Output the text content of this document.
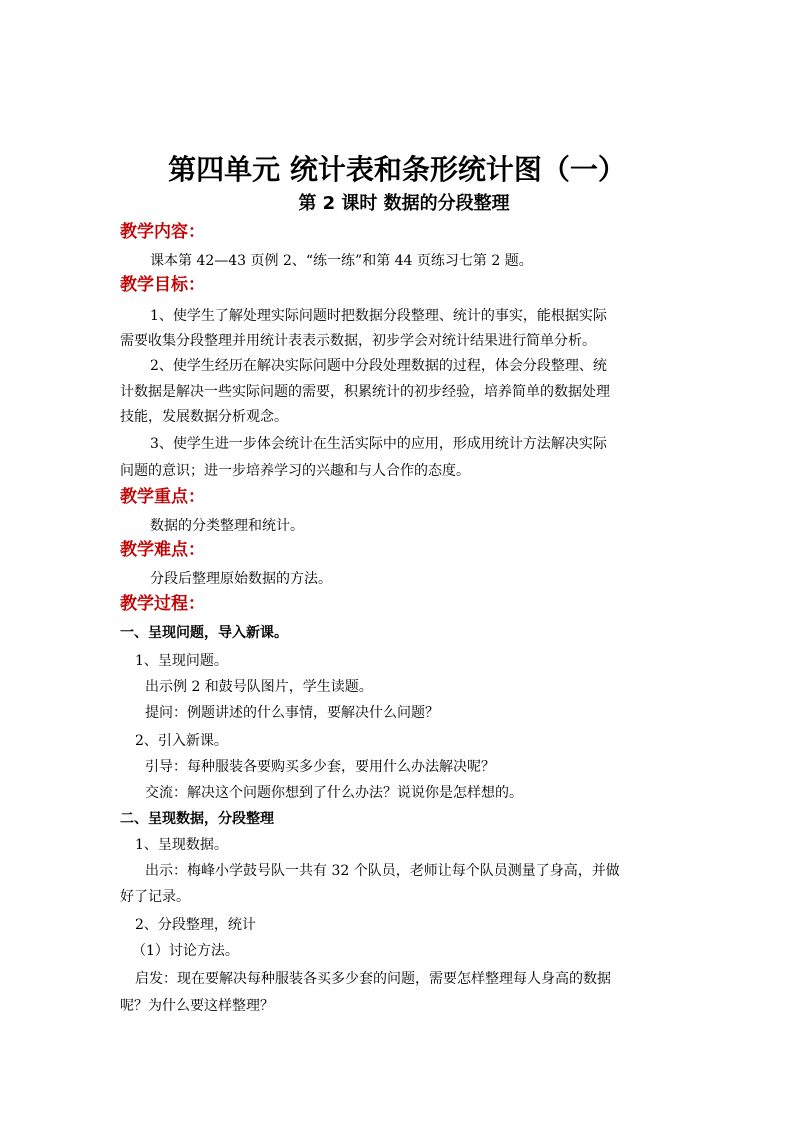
第四单元 统计表和条形统计图（一）
第 2 课时 数据的分段整理
教学内容：
课本第 42—43 页例 2、“练一练”和第 44 页练习七第 2 题。
教学目标：
1、使学生了解处理实际问题时把数据分段整理、统计的事实，能根据实际
需要收集分段整理并用统计表表示数据，初步学会对统计结果进行简单分析。
2、使学生经历在解决实际问题中分段处理数据的过程，体会分段整理、统
计数据是解决一些实际问题的需要，积累统计的初步经验，培养简单的数据处理
技能，发展数据分析观念。
3、使学生进一步体会统计在生活实际中的应用，形成用统计方法解决实际
问题的意识；进一步培养学习的兴趣和与人合作的态度。
教学重点：
数据的分类整理和统计。
教学难点：
分段后整理原始数据的方法。
教学过程：
一、呈现问题，导入新课。
1、呈现问题。
出示例 2 和鼓号队图片，学生读题。
提问：例题讲述的什么事情，要解决什么问题？
2、引入新课。
引导：每种服装各要购买多少套，要用什么办法解决呢？
交流：解决这个问题你想到了什么办法？说说你是怎样想的。
二、呈现数据，分段整理
1、呈现数据。
出示：梅峰小学鼓号队一共有 32 个队员，老师让每个队员测量了身高，并做
好了记录。
2、分段整理，统计
（1）讨论方法。
启发：现在要解决每种服装各买多少套的问题，需要怎样整理每人身高的数据
呢？为什么要这样整理？
